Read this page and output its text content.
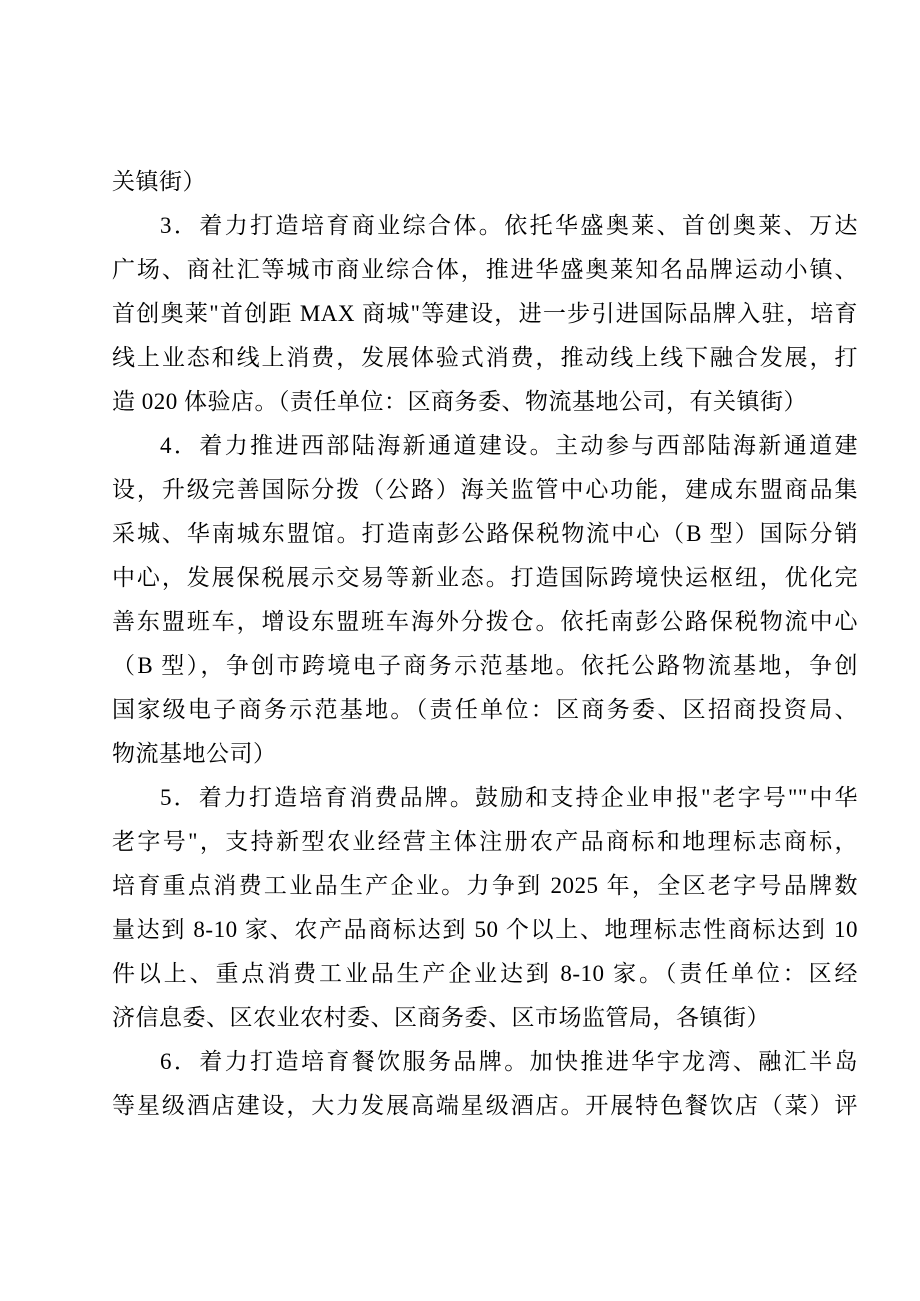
关镇街）
3．着力打造培育商业综合体。依托华盛奥莱、首创奥莱、万达
广场、商社汇等城市商业综合体，推进华盛奥莱知名品牌运动小镇、
首创奥莱"首创距 MAX 商城"等建设，进一步引进国际品牌入驻，培育
线上业态和线上消费，发展体验式消费，推动线上线下融合发展，打
造 020 体验店。（责任单位：区商务委、物流基地公司，有关镇街）
4．着力推进西部陆海新通道建设。主动参与西部陆海新通道建
设，升级完善国际分拨（公路）海关监管中心功能，建成东盟商品集
采城、华南城东盟馆。打造南彭公路保税物流中心（B 型）国际分销
中心，发展保税展示交易等新业态。打造国际跨境快运枢纽，优化完
善东盟班车，增设东盟班车海外分拨仓。依托南彭公路保税物流中心
（B 型），争创市跨境电子商务示范基地。依托公路物流基地，争创
国家级电子商务示范基地。（责任单位：区商务委、区招商投资局、
物流基地公司）
5．着力打造培育消费品牌。鼓励和支持企业申报"老字号""中华
老字号"，支持新型农业经营主体注册农产品商标和地理标志商标，
培育重点消费工业品生产企业。力争到 2025 年，全区老字号品牌数
量达到 8-10 家、农产品商标达到 50 个以上、地理标志性商标达到 10
件以上、重点消费工业品生产企业达到 8-10 家。（责任单位：区经
济信息委、区农业农村委、区商务委、区市场监管局，各镇街）
6．着力打造培育餐饮服务品牌。加快推进华宇龙湾、融汇半岛
等星级酒店建设，大力发展高端星级酒店。开展特色餐饮店（菜）评
